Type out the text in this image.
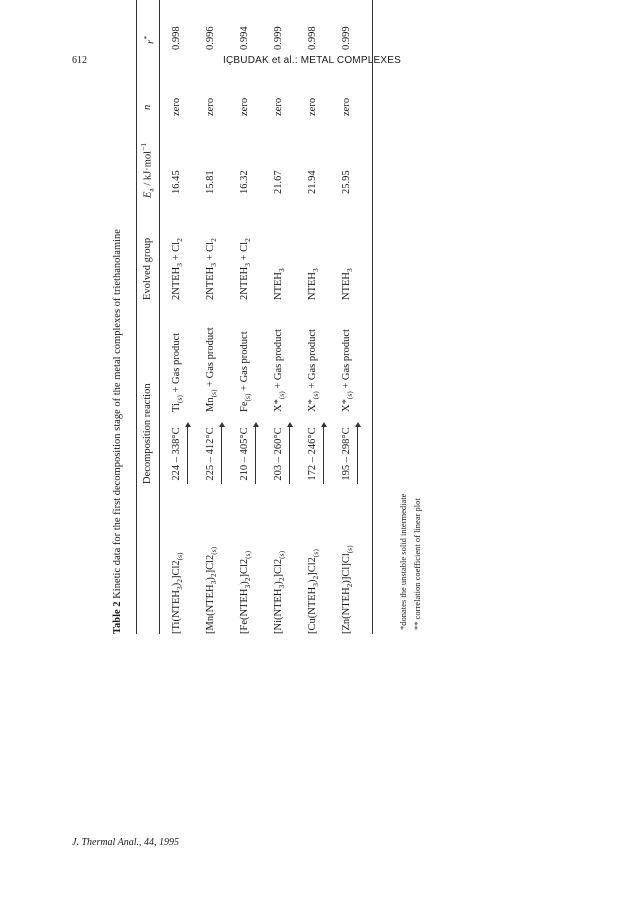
612	IÇBUDAK et al.: METAL COMPLEXES
Table 2 Kinetic data for the first decomposition stage of the metal complexes of triethanolamine Decomposition reaction
Evolved group
$E_a / kJ\cdot mol^{-1}$
n
r*
$[Ti(NTEH_3)_2]Cl2_{(s)}$
224 – 338°C
$Ti_{(s)}$ + Gas product
$2NTEH_3 + Cl_2$
16.45
zero
0.998
$[Mn(NTEH_3)_2]Cl2_{(s)}$
225 – 412°C
$Mn_{(s)}$ + Gas product
$2NTEH_3 + Cl_2$
15.81
zero
0.996
$[Fe(NTEH_3)_2]Cl2_{(s)}$
210 – 405°C
$Fe_{(s)}$ + Gas product
$2NTEH_3 + Cl_2$
16.32
zero
0.994
$[Ni(NTEH_3)_2]Cl2_{(s)}$
203 – 260°C
$X*_{(s)}$ + Gas product
$NTEH_3$
21.67
zero
0.999
$[Cu(NTEH_3)_2]Cl2_{(s)}$
172 – 246°C
$X*_{(s)}$ + Gas product
$NTEH_3$
21.94
zero
0.998
$[Zn(NTEH_2)]Cl]Cl_{(s)}$
195 – 298°C
$X*_{(s)}$ + Gas product
$NTEH_3$
25.95
zero
0.999
*donates the unstable solid intermediate ** correlation coefficient of linear plot
J. Thermal Anal., 44, 1995
